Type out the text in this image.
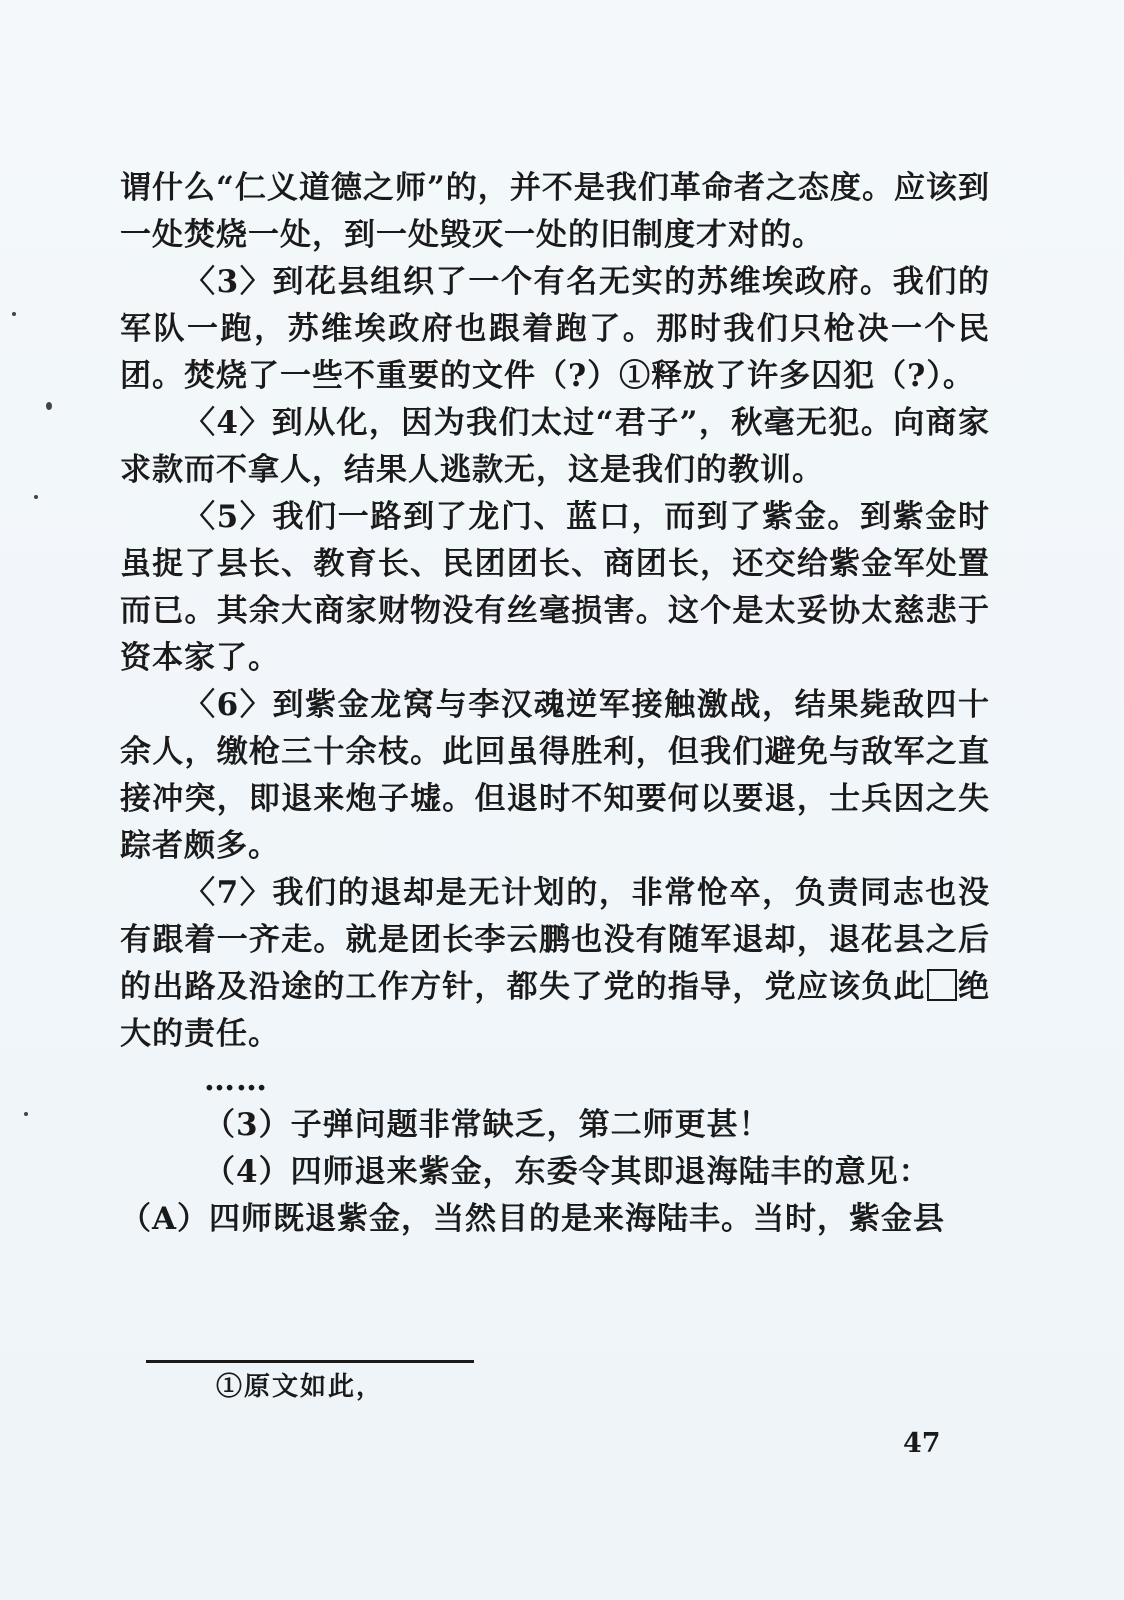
谓什么“仁义道德之师”的，并不是我们革命者之态度。应该到一处焚烧一处，到一处毁灭一处的旧制度才对的。

〈3〉到花县组织了一个有名无实的苏维埃政府。我们的军队一跑，苏维埃政府也跟着跑了。那时我们只枪决一个民团。焚烧了一些不重要的文件（?）①释放了许多囚犯（?）。

〈4〉到从化，因为我们太过“君子”，秋毫无犯。向商家求款而不拿人，结果人逃款无，这是我们的教训。

〈5〉我们一路到了龙门、蓝口，而到了紫金。到紫金时虽捉了县长、教育长、民团团长、商团长，还交给紫金军处置而已。其余大商家财物没有丝毫损害。这个是太妥协太慈悲于资本家了。

〈6〉到紫金龙窝与李汉魂逆军接触激战，结果毙敌四十余人，缴枪三十余枝。此回虽得胜利，但我们避免与敌军之直接冲突，即退来炮子墟。但退时不知要何以要退，士兵因之失踪者颇多。

〈7〉我们的退却是无计划的，非常怆卒，负责同志也没有跟着一齐走。就是团长李云鹏也没有随军退却，退花县之后的出路及沿途的工作方针，都失了党的指导，党应该负此 绝大的责任。

……

（3）子弹问题非常缺乏，第二师更甚！

（4）四师退来紫金，东委令其即退海陆丰的意见：

（A）四师既退紫金，当然目的是来海陆丰。当时，紫金县

①原文如此，
47
